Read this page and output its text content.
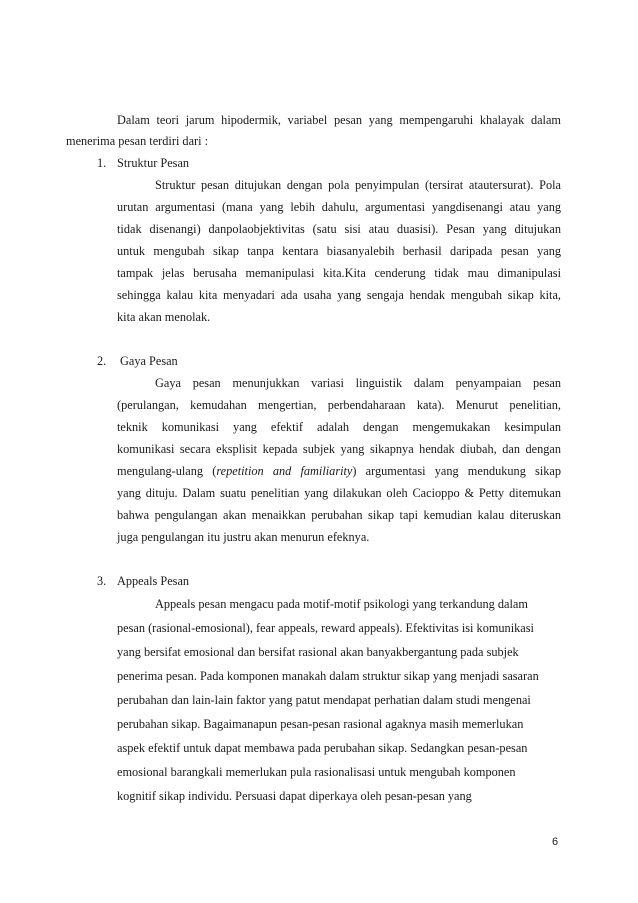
Dalam teori jarum hipodermik, variabel pesan yang mempengaruhi khalayak dalam
menerima pesan terdiri dari :
1. Struktur Pesan
Struktur pesan ditujukan dengan pola penyimpulan (tersirat atautersurat). Pola
urutan argumentasi (mana yang lebih dahulu, argumentasi yangdisenangi atau yang
tidak disenangi) danpolaobjektivitas (satu sisi atau duasisi). Pesan yang ditujukan
untuk mengubah sikap tanpa kentara biasanyalebih berhasil daripada pesan yang
tampak jelas berusaha memanipulasi kita.Kita cenderung tidak mau dimanipulasi
sehingga kalau kita menyadari ada usaha yang sengaja hendak mengubah sikap kita,
kita akan menolak.
2. Gaya Pesan
Gaya pesan menunjukkan variasi linguistik dalam penyampaian pesan
(perulangan, kemudahan mengertian, perbendaharaan kata). Menurut penelitian,
teknik komunikasi yang efektif adalah dengan mengemukakan kesimpulan
komunikasi secara eksplisit kepada subjek yang sikapnya hendak diubah, dan dengan
mengulang-ulang (repetition and familiarity) argumentasi yang mendukung sikap
yang dituju. Dalam suatu penelitian yang dilakukan oleh Cacioppo & Petty ditemukan
bahwa pengulangan akan menaikkan perubahan sikap tapi kemudian kalau diteruskan
juga pengulangan itu justru akan menurun efeknya.
3. Appeals Pesan
Appeals pesan mengacu pada motif-motif psikologi yang terkandung dalam
pesan (rasional-emosional), fear appeals, reward appeals). Efektivitas isi komunikasi
yang bersifat emosional dan bersifat rasional akan banyakbergantung pada subjek
penerima pesan. Pada komponen manakah dalam struktur sikap yang menjadi sasaran
perubahan dan lain-lain faktor yang patut mendapat perhatian dalam studi mengenai
perubahan sikap. Bagaimanapun pesan-pesan rasional agaknya masih memerlukan
aspek efektif untuk dapat membawa pada perubahan sikap. Sedangkan pesan-pesan
emosional barangkali memerlukan pula rasionalisasi untuk mengubah komponen
kognitif sikap individu. Persuasi dapat diperkaya oleh pesan-pesan yang
6
